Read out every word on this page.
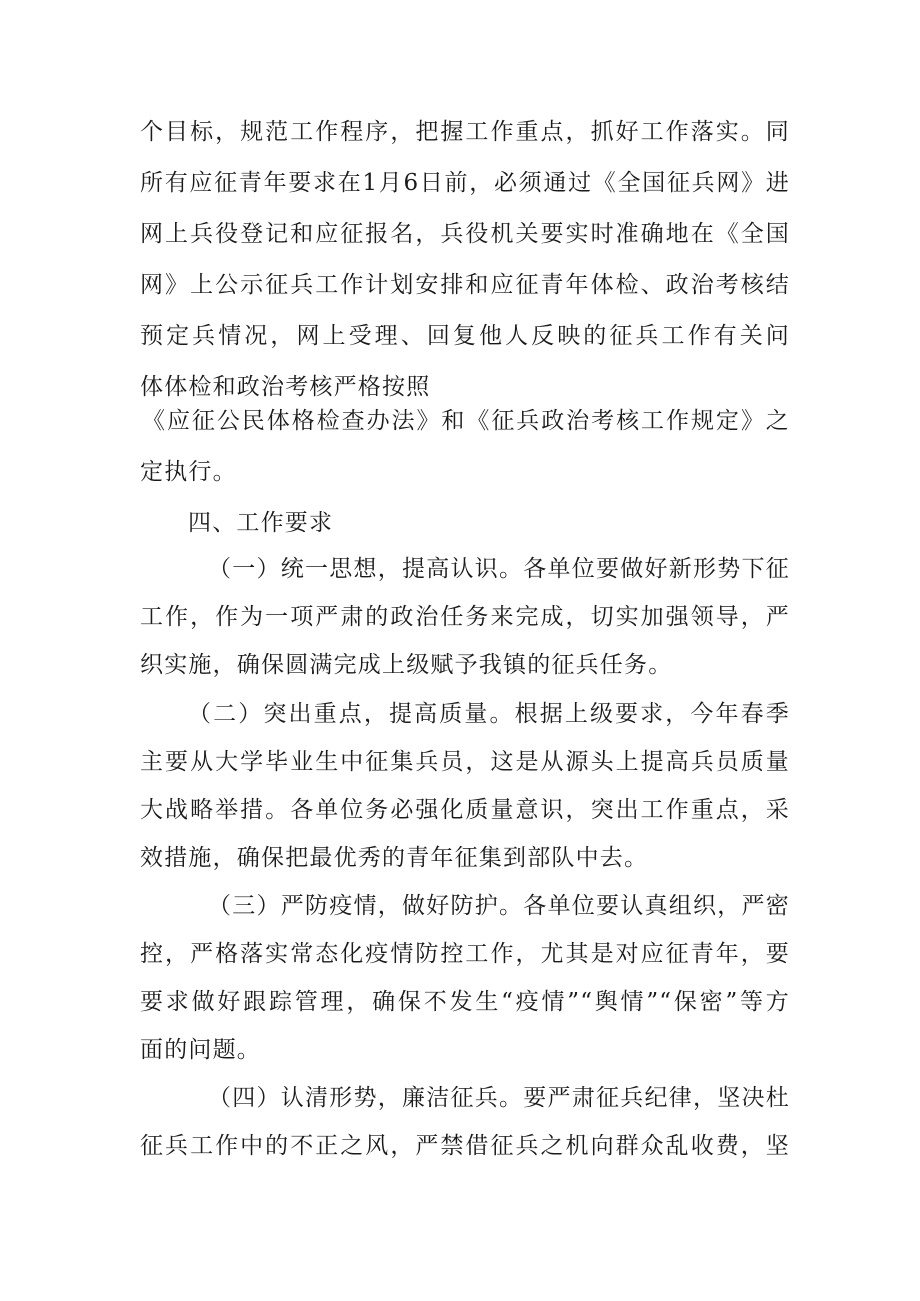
个目标，规范工作程序，把握工作重点，抓好工作落实。同
所有应征青年要求在1月6日前，必须通过《全国征兵网》进
网上兵役登记和应征报名，兵役机关要实时准确地在《全国
网》上公示征兵工作计划安排和应征青年体检、政治考核结
预定兵情况，网上受理、回复他人反映的征兵工作有关问
体体检和政治考核严格按照
《应征公民体格检查办法》和《征兵政治考核工作规定》之
定执行。
四、工作要求
（一）统一思想，提高认识。各单位要做好新形势下征
工作，作为一项严肃的政治任务来完成，切实加强领导，严
织实施，确保圆满完成上级赋予我镇的征兵任务。
（二）突出重点，提高质量。根据上级要求，今年春季
主要从大学毕业生中征集兵员，这是从源头上提高兵员质量
大战略举措。各单位务必强化质量意识，突出工作重点，采
效措施，确保把最优秀的青年征集到部队中去。
（三）严防疫情，做好防护。各单位要认真组织，严密
控，严格落实常态化疫情防控工作，尤其是对应征青年，要
要求做好跟踪管理，确保不发生“疫情”“舆情”“保密”等方
面的问题。
（四）认清形势，廉洁征兵。要严肃征兵纪律，坚决杜
征兵工作中的不正之风，严禁借征兵之机向群众乱收费，坚
